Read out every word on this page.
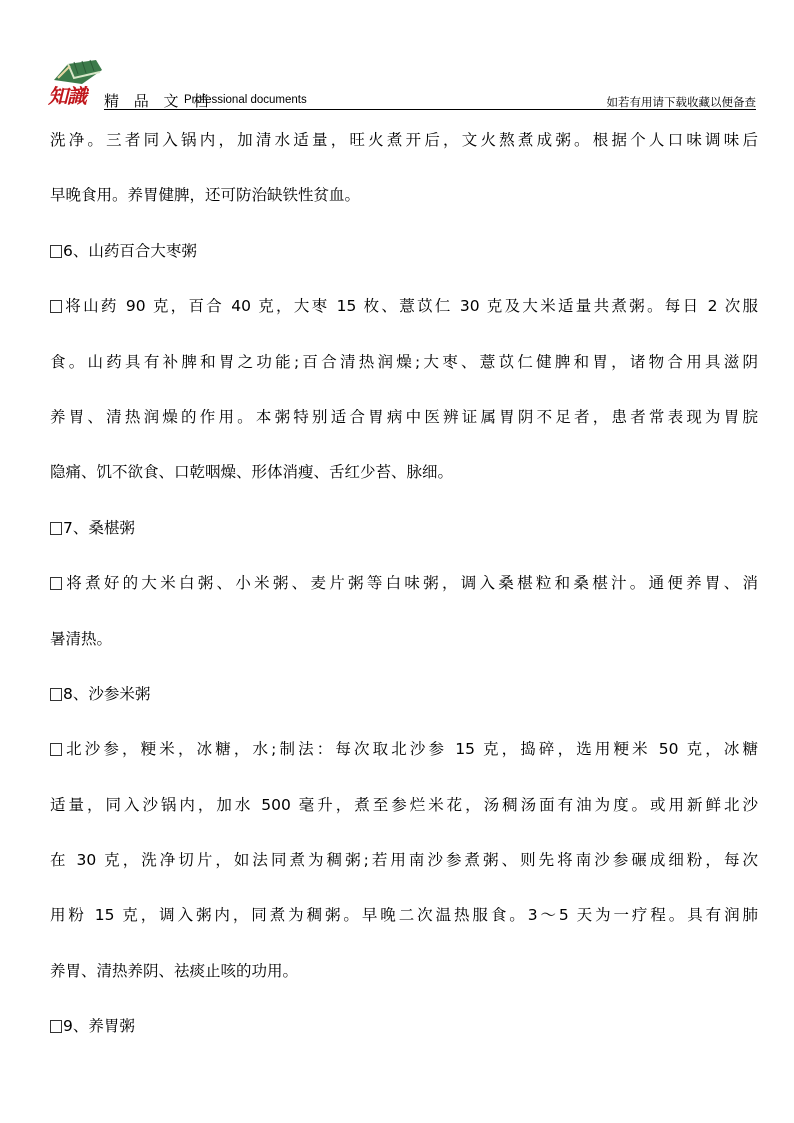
知識 精 品 文 档
Professional documents	如若有用请下载收藏以便备查
洗净。三者同入锅内，加清水适量，旺火煮开后，文火熬煮成粥。根据个人口味调味后
早晚食用。养胃健脾，还可防治缺铁性贫血。
6、山药百合大枣粥
将山药 90 克，百合 40 克，大枣 15 枚、薏苡仁 30 克及大米适量共煮粥。每日 2 次服
食。山药具有补脾和胃之功能;百合清热润燥;大枣、薏苡仁健脾和胃，诸物合用具滋阴
养胃、清热润燥的作用。本粥特别适合胃病中医辨证属胃阴不足者，患者常表现为胃脘
隐痛、饥不欲食、口乾咽燥、形体消瘦、舌红少苔、脉细。
7、桑椹粥
将煮好的大米白粥、小米粥、麦片粥等白味粥，调入桑椹粒和桑椹汁。通便养胃、消
暑清热。
8、沙参米粥
北沙参，粳米，冰糖，水;制法：每次取北沙参 15 克，捣碎，选用粳米 50 克，冰糖
适量，同入沙锅内，加水 500 毫升，煮至参烂米花，汤稠汤面有油为度。或用新鲜北沙
在 30 克，洗净切片，如法同煮为稠粥;若用南沙参煮粥、则先将南沙参碾成细粉，每次
用粉 15 克，调入粥内，同煮为稠粥。早晚二次温热服食。3～5 天为一疗程。具有润肺
养胃、清热养阴、祛痰止咳的功用。
9、养胃粥
